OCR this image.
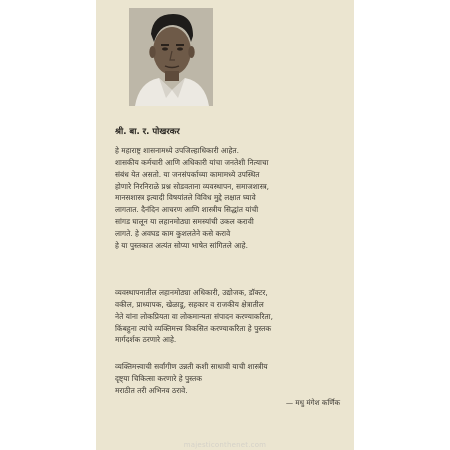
श्री. बा. र. पोखरकर
हे महाराष्ट्र शासनामध्ये उपजिल्हाधिकारी आहेत.
शासकीय कर्मचारी आणि अधिकारी यांचा जनतेशी नित्याचा
संबंध येत असतो. या जनसंपर्काच्या कामामध्ये उपस्थित
होणारे निरनिराळे प्रश्न सोडवताना व्यवस्थापन, समाजशास्त्र,
मानसशास्त्र इत्यादी विषयांतले विविध मुद्दे लक्षात घ्यावे
लागतात. दैनंदिन आचरण आणि शास्त्रीय सिद्धांत यांची
सांगड घालून या लहानमोठ्या समस्यांची उकल करावी
लागते. हे अवघड काम कुशलतेने कसे करावे
हे या पुस्तकात अत्यंत सोप्या भाषेत सांगितले आहे.
व्यवस्थापनातील लहानमोठ्या अधिकारी, उद्योजक, डॉक्टर,
वकील, प्राध्यापक, खेळाडू, सहकार व राजकीय क्षेत्रातील
नेते यांना लोकप्रियता वा लोकमान्यता संपादन करण्याकरिता,
किंबहुना त्यांचे व्यक्तिमत्त्व विकसित करण्याकरिता हे पुस्तक
मार्गदर्शक ठरणारे आहे.
व्यक्तिमत्त्वाची सर्वांगीण उन्नती कशी साधावी याची शास्त्रीय
दृष्ट्या चिकित्सा करणारे हे पुस्तक
मराठीत तरी अभिनव ठरावे.
— मधु मंगेश कर्णिक
majesticonthenet.com
